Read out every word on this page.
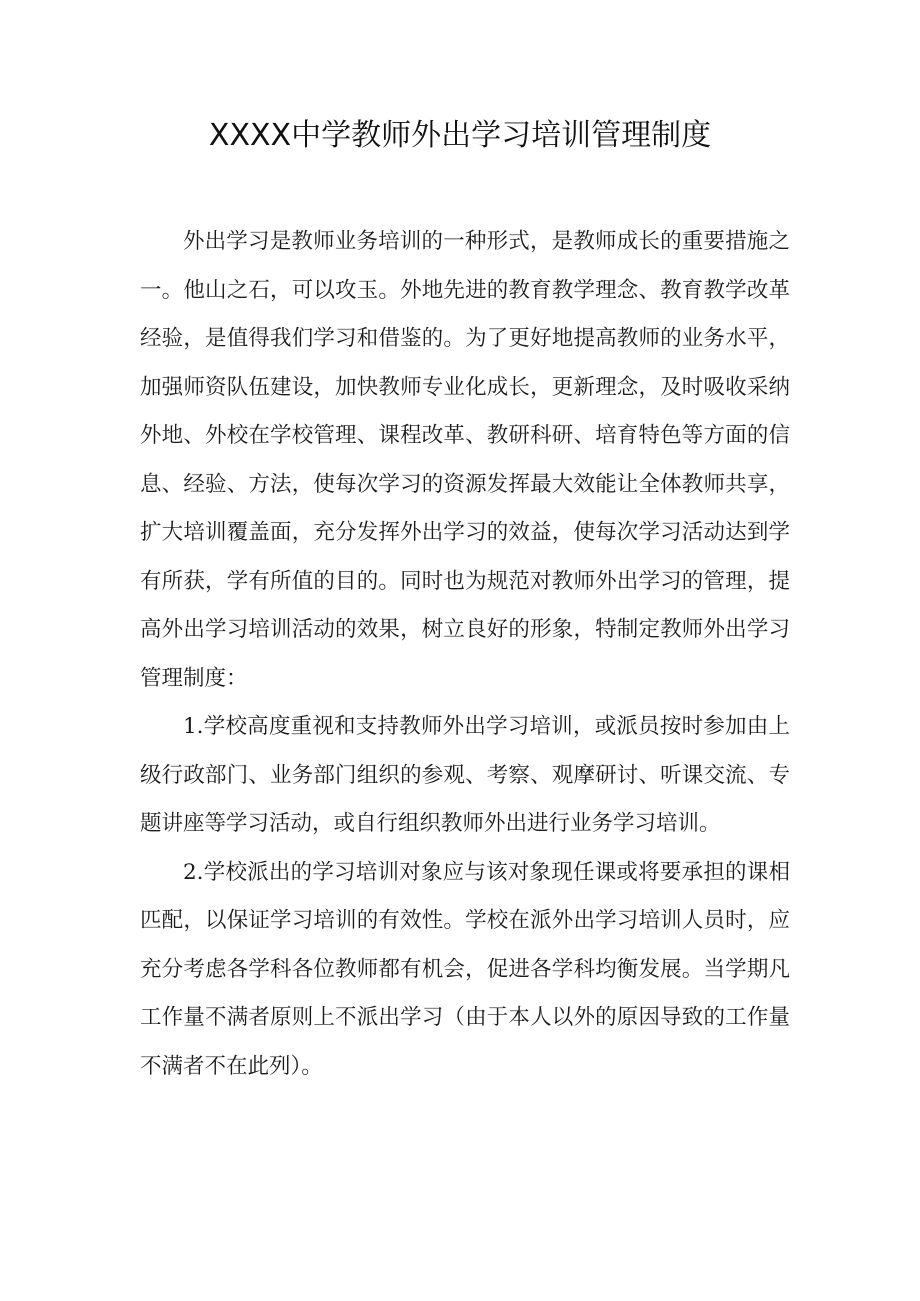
XXXX中学教师外出学习培训管理制度

外出学习是教师业务培训的一种形式，是教师成长的重要措施之一。他山之石，可以攻玉。外地先进的教育教学理念、教育教学改革经验，是值得我们学习和借鉴的。为了更好地提高教师的业务水平，加强师资队伍建设，加快教师专业化成长，更新理念，及时吸收采纳外地、外校在学校管理、课程改革、教研科研、培育特色等方面的信息、经验、方法，使每次学习的资源发挥最大效能让全体教师共享，扩大培训覆盖面，充分发挥外出学习的效益，使每次学习活动达到学有所获，学有所值的目的。同时也为规范对教师外出学习的管理，提高外出学习培训活动的效果，树立良好的形象，特制定教师外出学习管理制度：

1.学校高度重视和支持教师外出学习培训，或派员按时参加由上级行政部门、业务部门组织的参观、考察、观摩研讨、听课交流、专题讲座等学习活动，或自行组织教师外出进行业务学习培训。

2.学校派出的学习培训对象应与该对象现任课或将要承担的课相匹配，以保证学习培训的有效性。学校在派外出学习培训人员时，应充分考虑各学科各位教师都有机会，促进各学科均衡发展。当学期凡工作量不满者原则上不派出学习（由于本人以外的原因导致的工作量不满者不在此列）。
